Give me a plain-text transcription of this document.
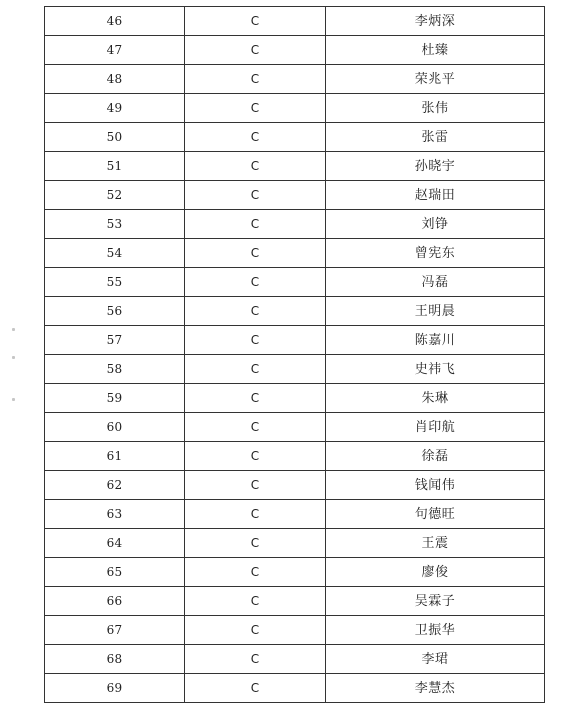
46	C	李炳深
47	C	杜臻
48	C	荣兆平
49	C	张伟
50	C	张雷
51	C	孙晓宇
52	C	赵瑞田
53	C	刘铮
54	C	曾宪东
55	C	冯磊
56	C	王明晨
57	C	陈嘉川
58	C	史祎飞
59	C	朱琳
60	C	肖印航
61	C	徐磊
62	C	钱闻伟
63	C	句德旺
64	C	王震
65	C	廖俊
66	C	吴霖子
67	C	卫振华
68	C	李珺
69	C	李慧杰
